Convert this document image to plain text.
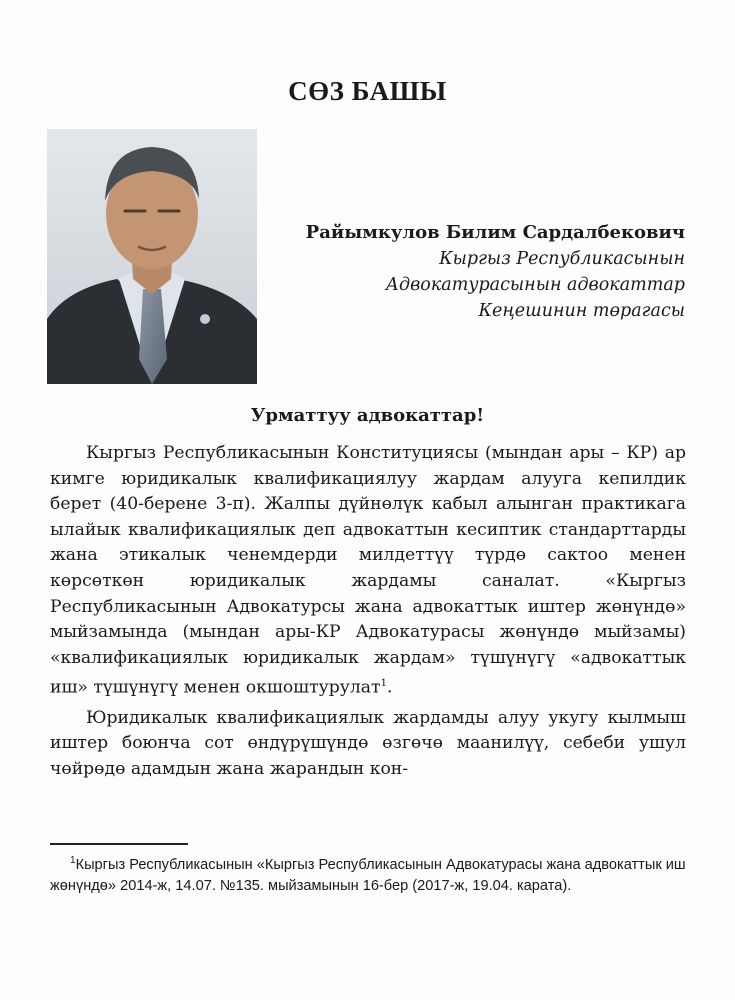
СӨЗ БАШЫ
Райымкулов Билим Сардалбекович
Кыргыз Республикасынын
Адвокатурасынын адвокаттар
Кеңешинин төрагасы
Урматтуу адвокаттар!

Кыргыз Республикасынын Конституциясы (мындан ары – КР) ар кимге юридикалык квалификациялуу жардам алууга кепилдик берет (40-берене 3-п). Жалпы дүйнөлүк кабыл алынган практикага ылайык квалификациялык деп адвокаттын кесиптик стандарттарды жана этикалык ченемдерди милдеттүү түрдө сактоо менен көрсөткөн юридикалык жардамы саналат. «Кыргыз Республикасынын Адвокатурсы жана адвокаттык иштер жөнүндө» мыйзамында (мындан ары-КР Адвокатурасы жөнүндө мыйзамы) «квалификациялык юридикалык жардам» түшүнүгү «адвокаттык иш» түшүнүгү менен окшоштурулат$^1$.

Юридикалык квалификациялык жардамды алуу укугу кылмыш иштер боюнча сот өндүрүшүндө өзгөчө маанилүү, себеби ушул чөйрөдө адамдын жана жарандын кон-

$^1$Кыргыз Республикасынын «Кыргыз Республикасынын Адвокатурасы жана адвокаттык иш жөнүндө» 2014-ж, 14.07. №135. мыйзамынын 16-бер (2017-ж, 19.04. карата).
